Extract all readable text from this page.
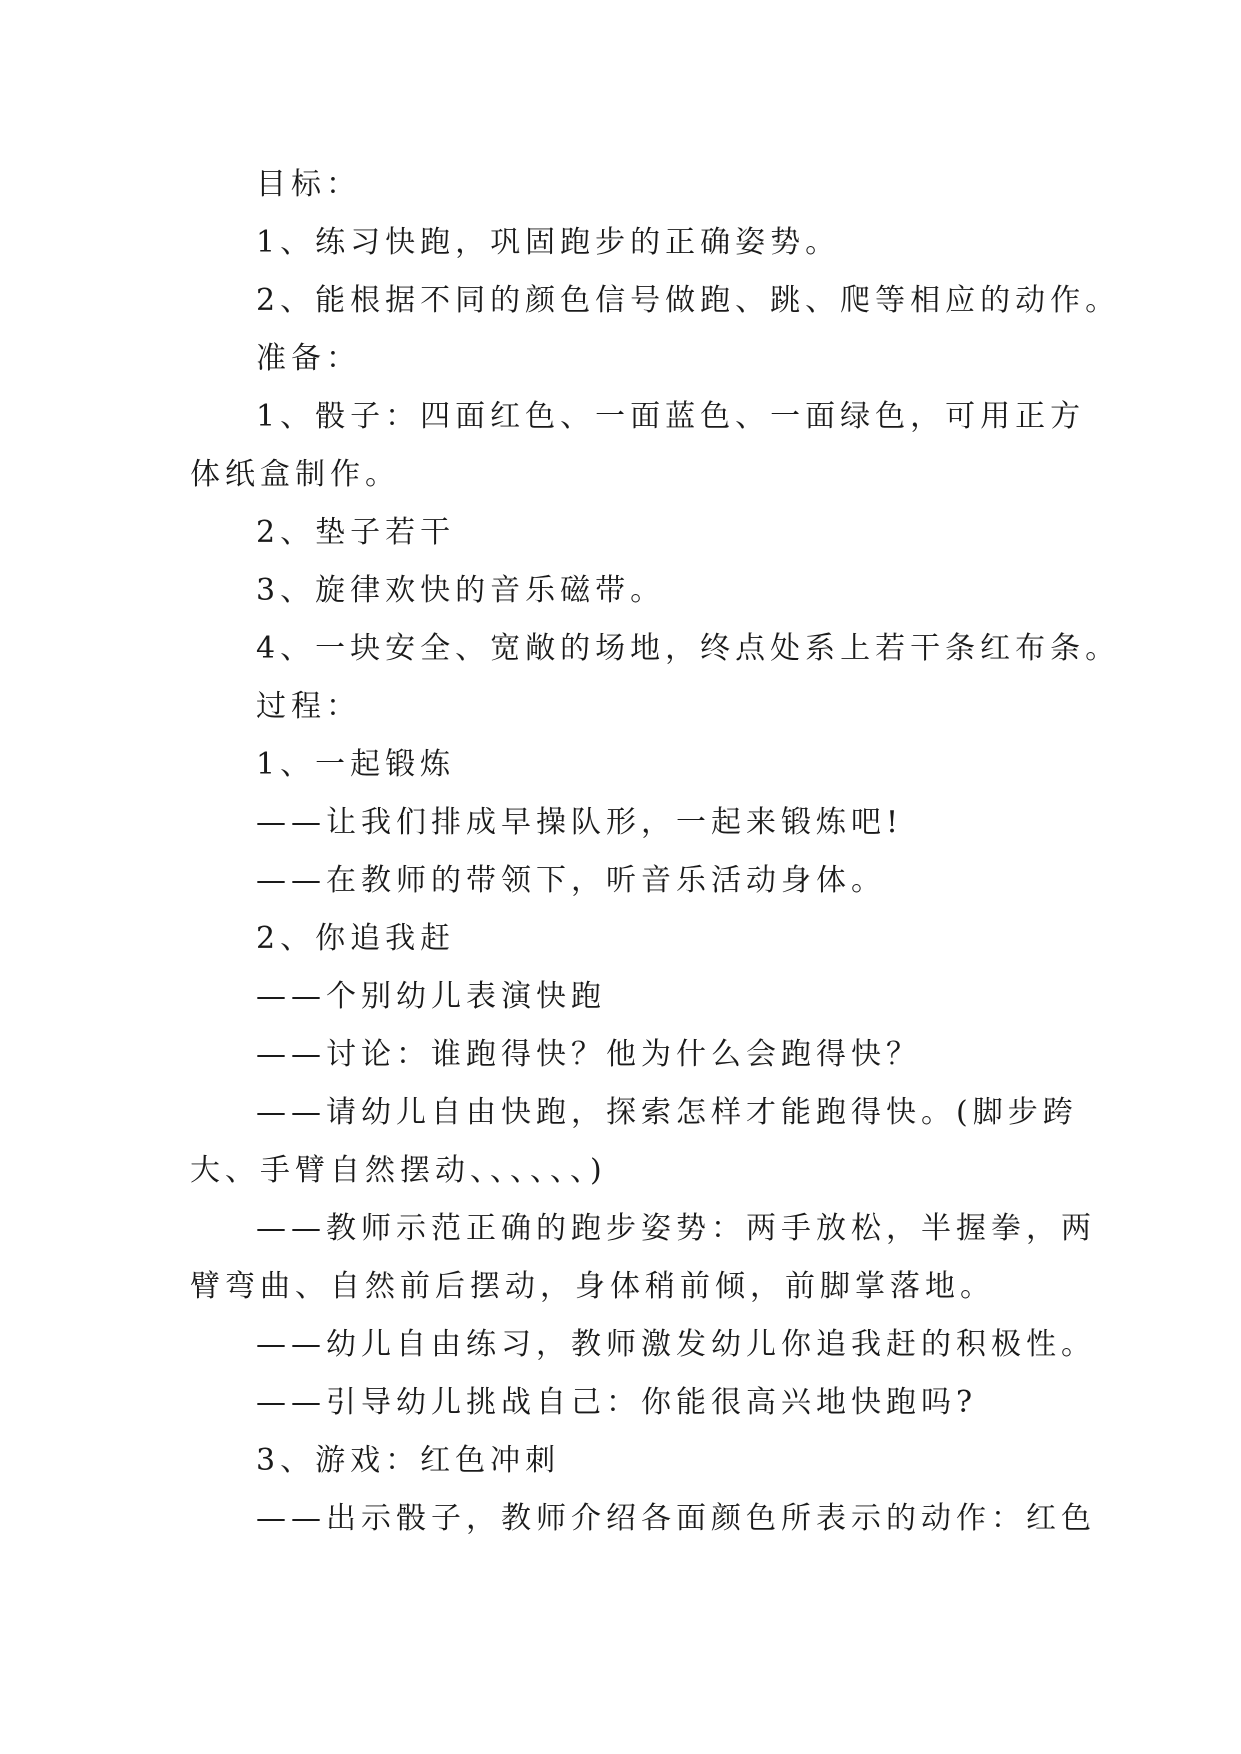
目标：

1、练习快跑，巩固跑步的正确姿势。

2、能根据不同的颜色信号做跑、跳、爬等相应的动作。

准备：

1、骰子：四面红色、一面蓝色、一面绿色，可用正方

体纸盒制作。

2、垫子若干

3、旋律欢快的音乐磁带。

4、一块安全、宽敞的场地，终点处系上若干条红布条。

过程：

1、一起锻炼

——让我们排成早操队形，一起来锻炼吧!

——在教师的带领下，听音乐活动身体。

2、你追我赶

——个别幼儿表演快跑

——讨论：谁跑得快？他为什么会跑得快？

——请幼儿自由快跑，探索怎样才能跑得快。(脚步跨

大、手臂自然摆动、、、、、、)

——教师示范正确的跑步姿势：两手放松，半握拳，两

臂弯曲、自然前后摆动，身体稍前倾，前脚掌落地。

——幼儿自由练习，教师激发幼儿你追我赶的积极性。

——引导幼儿挑战自己：你能很高兴地快跑吗?

3、游戏：红色冲刺

——出示骰子，教师介绍各面颜色所表示的动作：红色
